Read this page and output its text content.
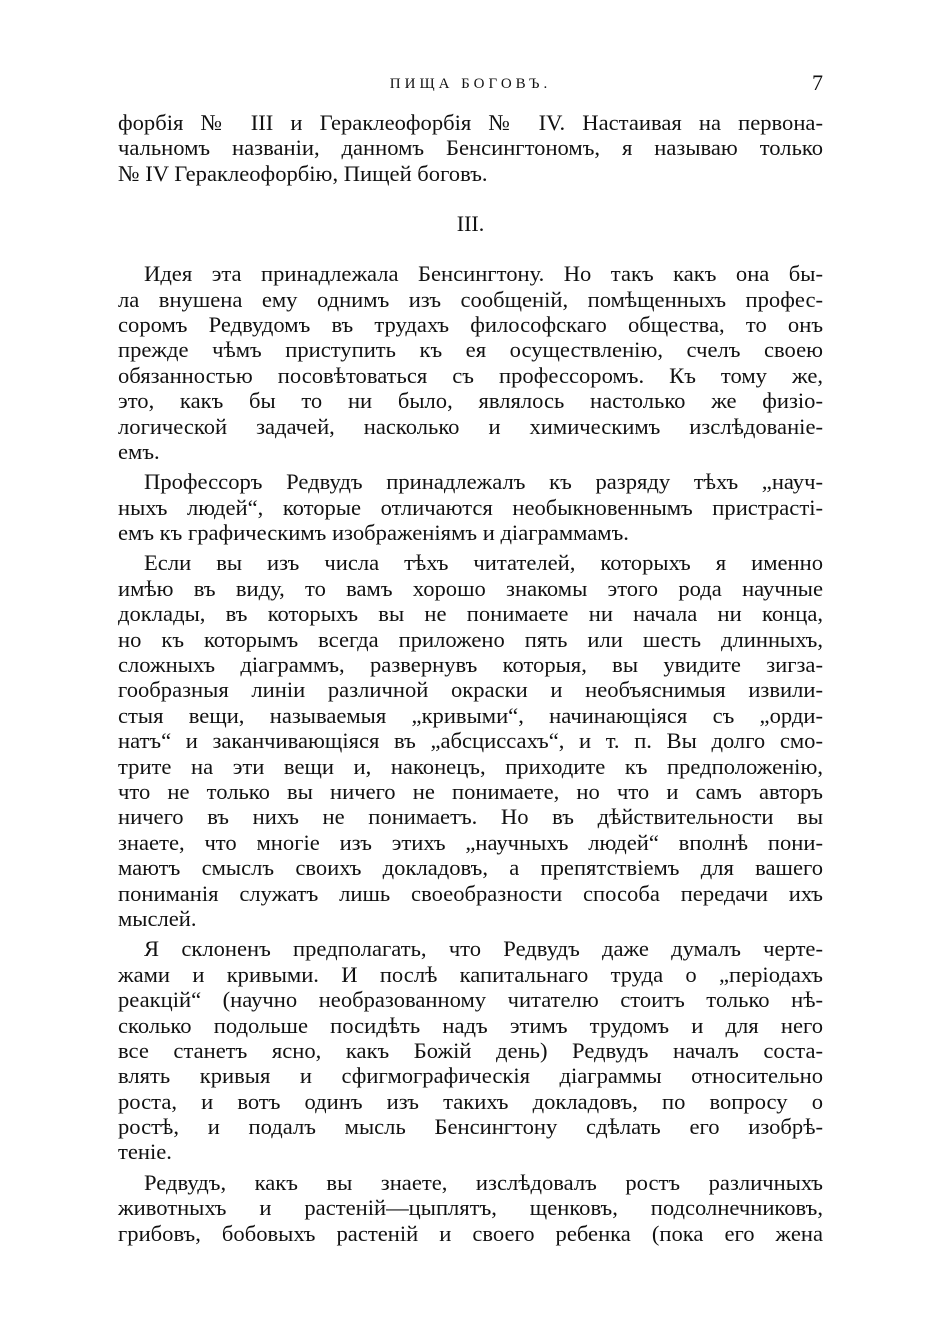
ПИЩА БОГОВЪ.	7
форбія № III и Гераклеофорбія № IV. Настаивая на первона-
чальномъ названіи, данномъ Бенсингтономъ, я называю только
№ IV Гераклеофорбію, Пищей боговъ.
III.
Идея эта принадлежала Бенсингтону. Но такъ какъ она бы-
ла внушена ему однимъ изъ сообщеній, помѣщенныхъ профес-
соромъ Редвудомъ въ трудахъ философскаго общества, то онъ
прежде чѣмъ приступить къ ея осуществленію, счелъ своею
обязанностью посовѣтоваться съ профессоромъ. Къ тому же,
это, какъ бы то ни было, являлось настолько же физіо-
логической задачей, насколько и химическимъ изслѣдованіе-
емъ.
Профессоръ Редвудъ принадлежалъ къ разряду тѣхъ „науч-
ныхъ людей“, которые отличаются необыкновеннымъ пристрасті-
емъ къ графическимъ изображеніямъ и діаграммамъ.
Если вы изъ числа тѣхъ читателей, которыхъ я именно
имѣю въ виду, то вамъ хорошо знакомы этого рода научные
доклады, въ которыхъ вы не понимаете ни начала ни конца,
но къ которымъ всегда приложено пять или шесть длинныхъ,
сложныхъ діаграммъ, развернувъ которыя, вы увидите зигза-
гообразныя линіи различной окраски и необъяснимыя извили-
стыя вещи, называемыя „кривыми“, начинающіяся съ „орди-
натъ“ и заканчивающіяся въ „абсциссахъ“, и т. п. Вы долго смо-
трите на эти вещи и, наконецъ, приходите къ предположенію,
что не только вы ничего не понимаете, но что и самъ авторъ
ничего въ нихъ не понимаетъ. Но въ дѣйствительности вы
знаете, что многіе изъ этихъ „научныхъ людей“ вполнѣ пони-
маютъ смыслъ своихъ докладовъ, а препятствіемъ для вашего
пониманія служатъ лишь своеобразности способа передачи ихъ
мыслей.
Я склоненъ предполагать, что Редвудъ даже думалъ черте-
жами и кривыми. И послѣ капитальнаго труда о „періодахъ
реакцій“ (научно необразованному читателю стоитъ только нѣ-
сколько подольше посидѣть надъ этимъ трудомъ и для него
все станетъ ясно, какъ Божій день) Редвудъ началъ соста-
влять кривыя и сфигмографическія діаграммы относительно
роста, и вотъ одинъ изъ такихъ докладовъ, по вопросу о
ростѣ, и подалъ мысль Бенсингтону сдѣлать его изобрѣ-
теніе.
Редвудъ, какъ вы знаете, изслѣдовалъ ростъ различныхъ
животныхъ и растеній—цыплятъ, щенковъ, подсолнечниковъ,
грибовъ, бобовыхъ растеній и своего ребенка (пока его жена
